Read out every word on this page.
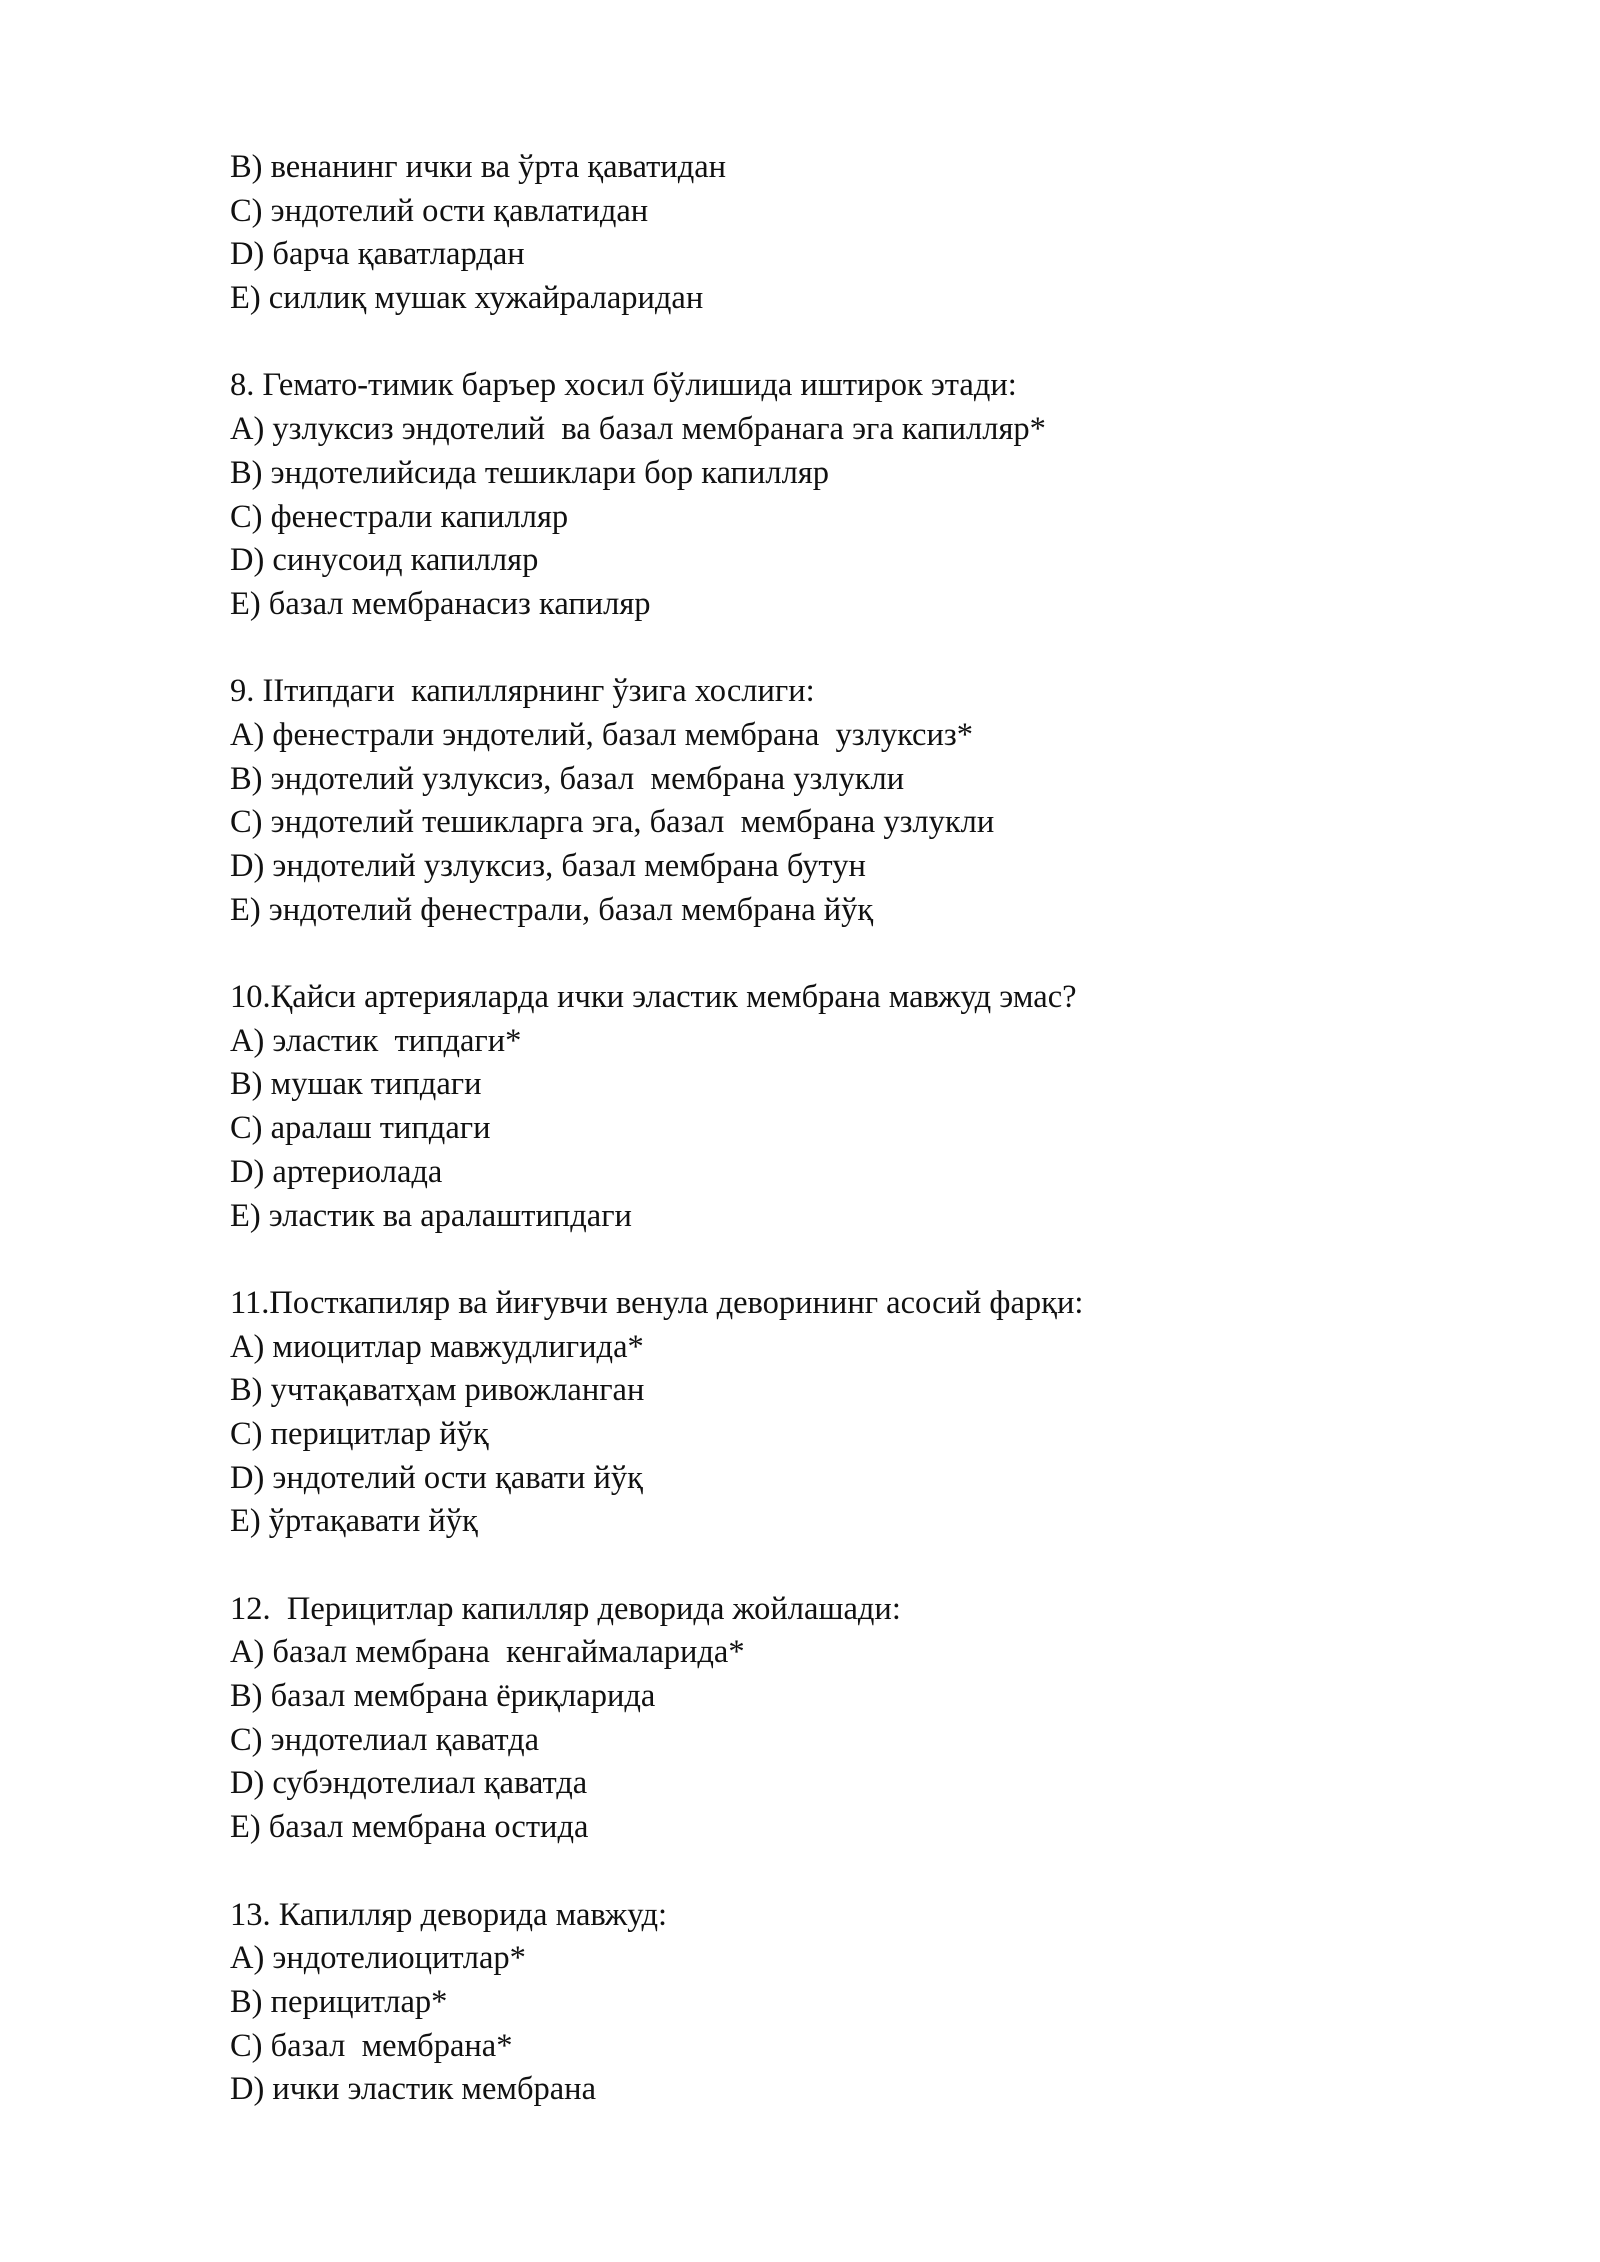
В) венанинг ички ва ўрта қаватидан
С) эндотелий ости қавлатидан
D) барча қаватлардан
Е) силлиқ мушак хужайраларидан
8. Гемато-тимик баръер хосил бўлишида иштирок этади:
А) узлуксиз эндотелий  ва базал мембранага эга капилляр*
В) эндотелийсида тешиклари бор капилляр
С) фенестрали капилляр
D) синусоид капилляр
Е) базал мембранасиз капиляр
9. IIтипдаги  капиллярнинг ўзига хослиги:
А) фенестрали эндотелий, базал мембрана  узлуксиз*
В) эндотелий узлуксиз, базал  мембрана узлукли
С) эндотелий тешикларга эга, базал  мембрана узлукли
D) эндотелий узлуксиз, базал мембрана бутун
Е) эндотелий фенестрали, базал мембрана йўқ
10.Қайси артерияларда ички эластик мембрана мавжуд эмас?
А) эластик  типдаги*
В) мушак типдаги
С) аралаш типдаги
D) артериолада
Е) эластик ва аралаштипдаги
11.Посткапиляр ва йиғувчи венула деворининг асосий фарқи:
А) миоцитлар мавжудлигида*
В) учтақаватҳам ривожланган
С) перицитлар йўқ
D) эндотелий ости қавати йўқ
Е) ўртақавати йўқ
12.  Перицитлар капилляр деворида жойлашади:
А) базал мембрана  кенгаймаларида*
В) базал мембрана ёриқларида
С) эндотелиал қаватда
D) субэндотелиал қаватда
Е) базал мембрана остида
13. Капилляр деворида мавжуд:
А) эндотелиоцитлар*
В) перицитлар*
С) базал  мембрана*
D) ички эластик мембрана
